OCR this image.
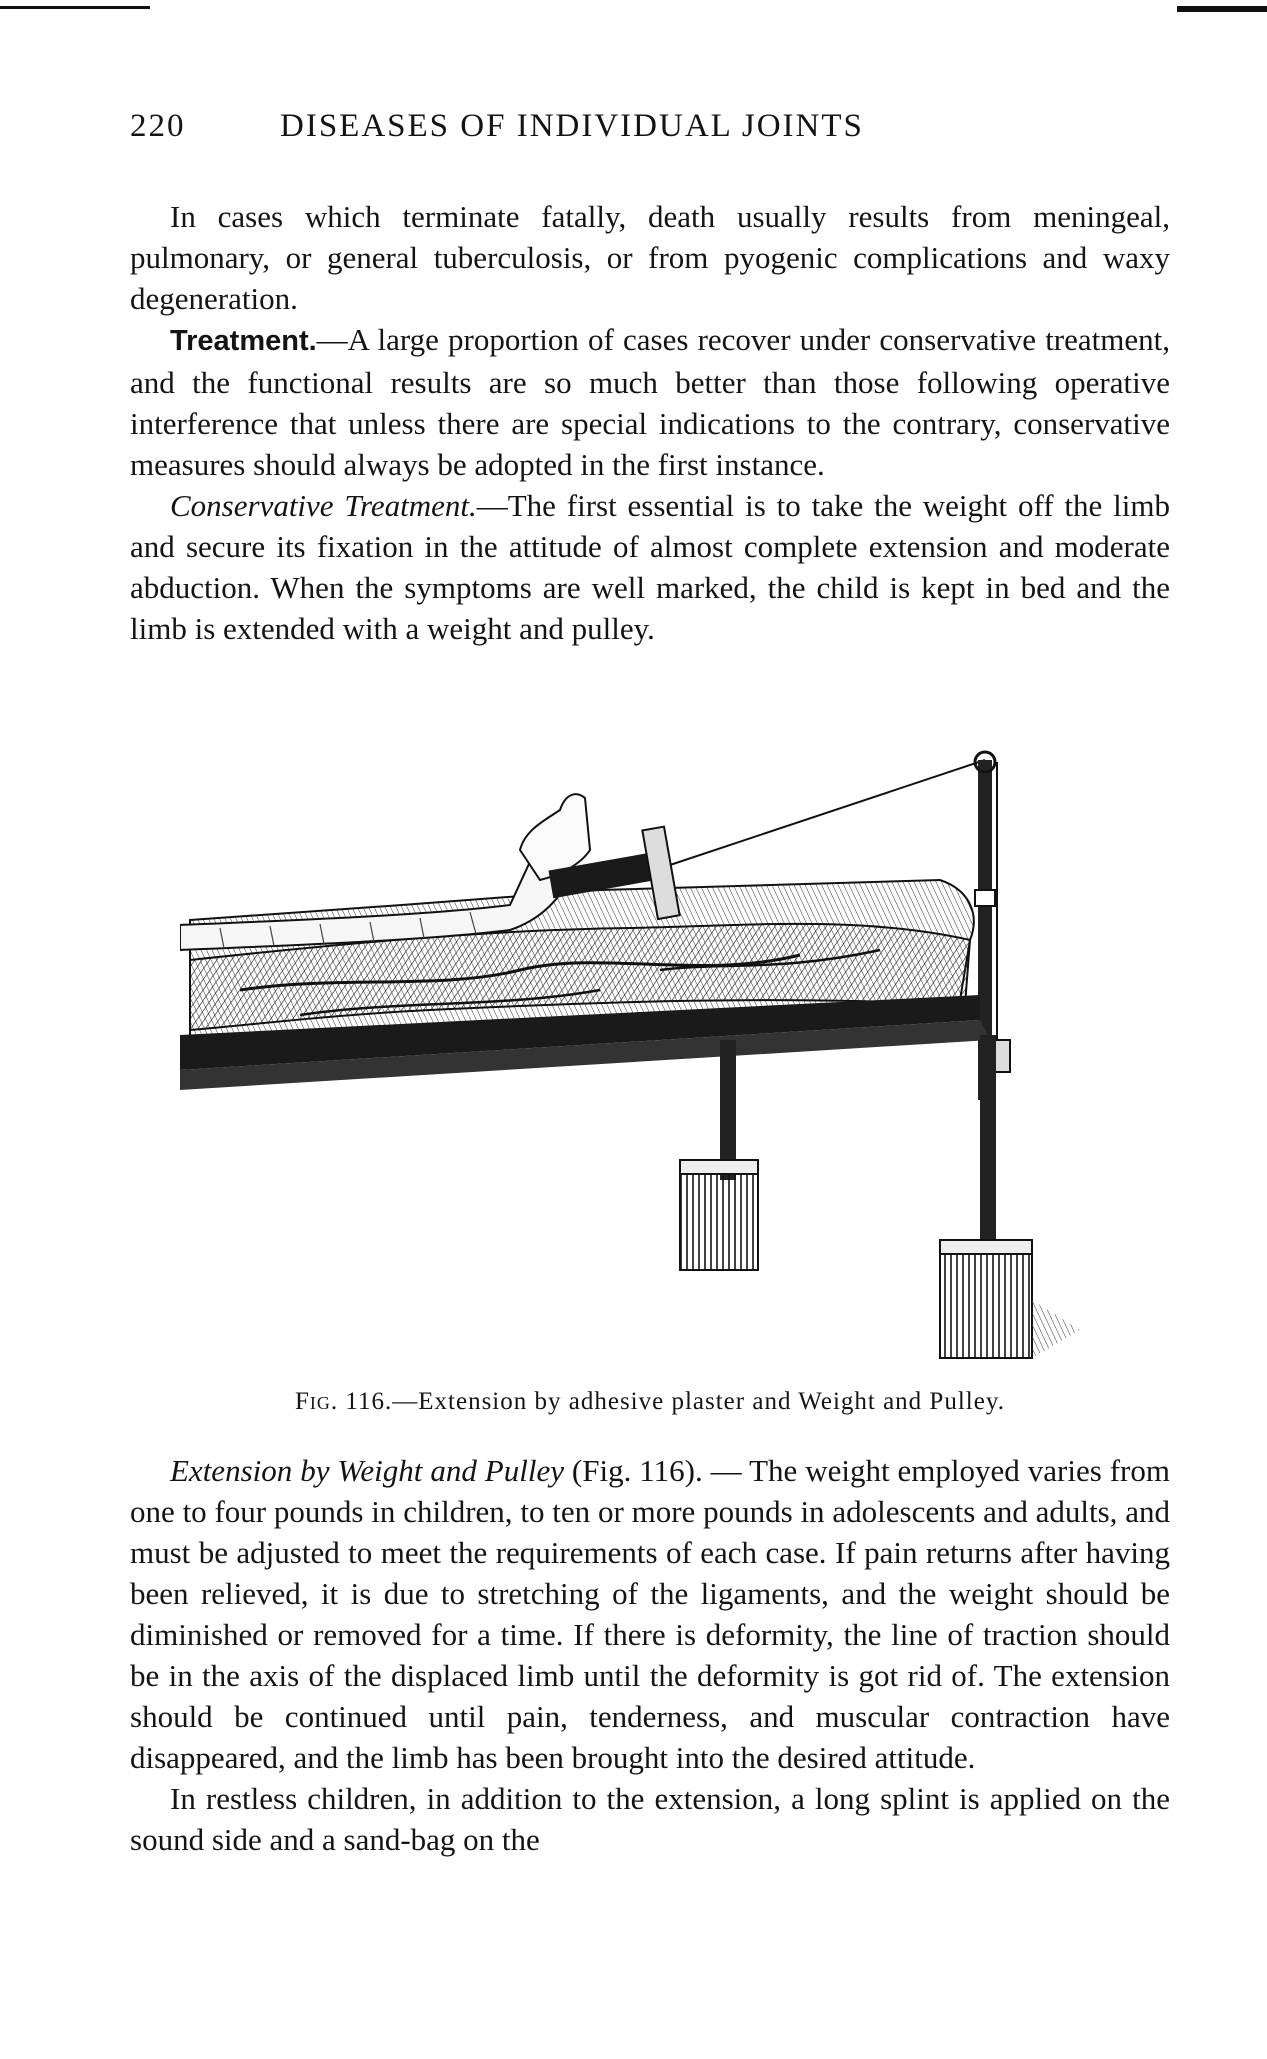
220	DISEASES OF INDIVIDUAL JOINTS

In cases which terminate fatally, death usually results from meningeal, pulmonary, or general tuberculosis, or from pyogenic complications and waxy degeneration.

Treatment.—A large proportion of cases recover under conservative treatment, and the functional results are so much better than those following operative interference that unless there are special indications to the contrary, conservative measures should always be adopted in the first instance.

Conservative Treatment.—The first essential is to take the weight off the limb and secure its fixation in the attitude of almost complete extension and moderate abduction. When the symptoms are well marked, the child is kept in bed and the limb is extended with a weight and pulley.

Fig. 116.—Extension by adhesive plaster and Weight and Pulley.

Extension by Weight and Pulley (Fig. 116). — The weight employed varies from one to four pounds in children, to ten or more pounds in adolescents and adults, and must be adjusted to meet the requirements of each case. If pain returns after having been relieved, it is due to stretching of the ligaments, and the weight should be diminished or removed for a time. If there is deformity, the line of traction should be in the axis of the displaced limb until the deformity is got rid of. The extension should be continued until pain, tenderness, and muscular contraction have disappeared, and the limb has been brought into the desired attitude.

In restless children, in addition to the extension, a long splint is applied on the sound side and a sand-bag on the
